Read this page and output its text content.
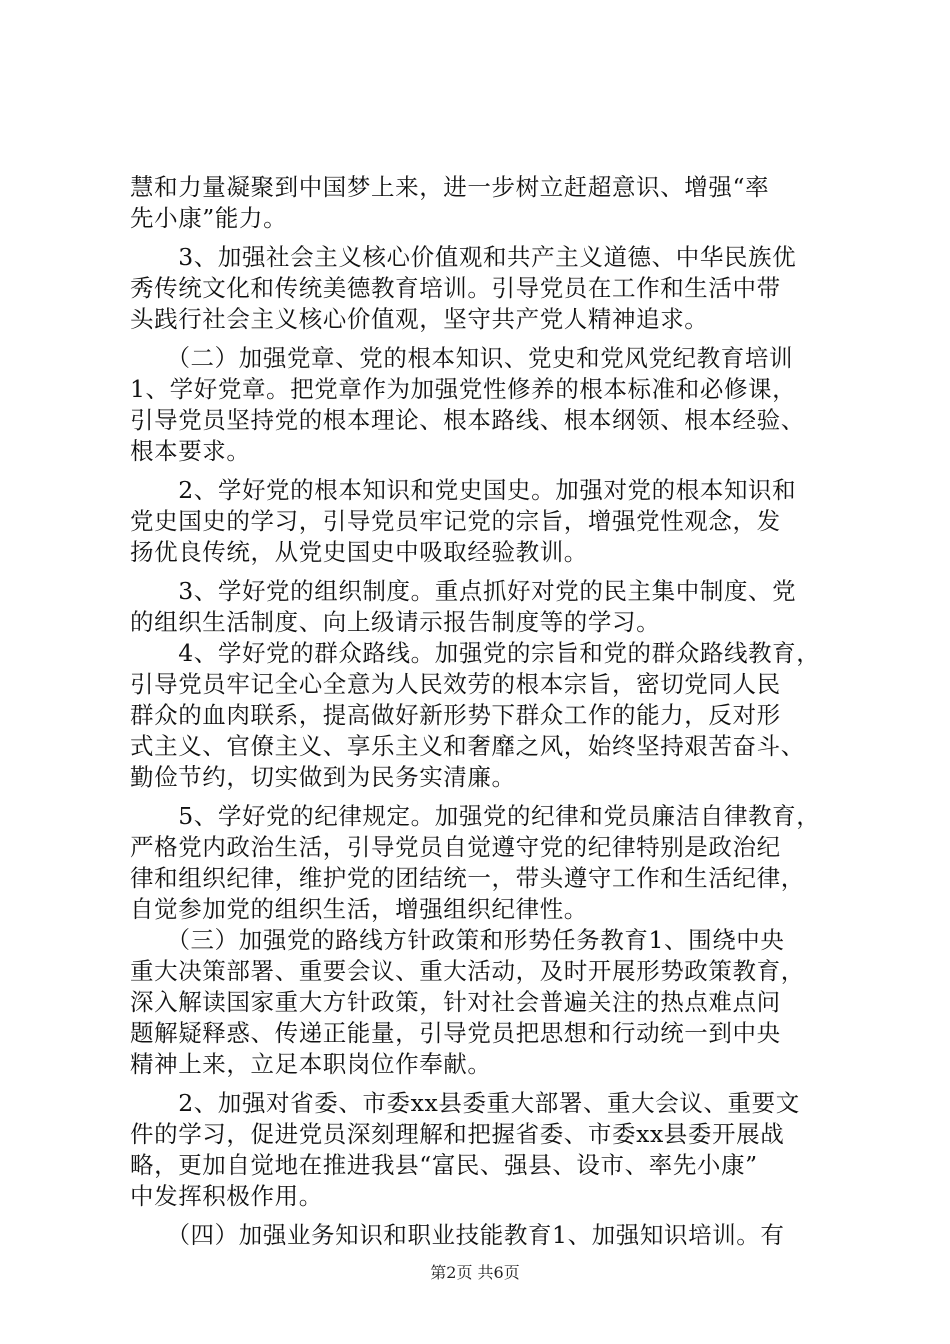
慧和力量凝聚到中国梦上来，进一步树立赶超意识、增强“率
先小康”能力。
　　3、加强社会主义核心价值观和共产主义道德、中华民族优
秀传统文化和传统美德教育培训。引导党员在工作和生活中带
头践行社会主义核心价值观，坚守共产党人精神追求。
　　（二）加强党章、党的根本知识、党史和党风党纪教育培训
1、学好党章。把党章作为加强党性修养的根本标准和必修课，
引导党员坚持党的根本理论、根本路线、根本纲领、根本经验、
根本要求。
　　2、学好党的根本知识和党史国史。加强对党的根本知识和
党史国史的学习，引导党员牢记党的宗旨，增强党性观念，发
扬优良传统，从党史国史中吸取经验教训。
　　3、学好党的组织制度。重点抓好对党的民主集中制度、党
的组织生活制度、向上级请示报告制度等的学习。
　　4、学好党的群众路线。加强党的宗旨和党的群众路线教育，
引导党员牢记全心全意为人民效劳的根本宗旨，密切党同人民
群众的血肉联系，提高做好新形势下群众工作的能力，反对形
式主义、官僚主义、享乐主义和奢靡之风，始终坚持艰苦奋斗、
勤俭节约，切实做到为民务实清廉。
　　5、学好党的纪律规定。加强党的纪律和党员廉洁自律教育，
严格党内政治生活，引导党员自觉遵守党的纪律特别是政治纪
律和组织纪律，维护党的团结统一，带头遵守工作和生活纪律，
自觉参加党的组织生活，增强组织纪律性。
　　（三）加强党的路线方针政策和形势任务教育1、围绕中央
重大决策部署、重要会议、重大活动，及时开展形势政策教育，
深入解读国家重大方针政策，针对社会普遍关注的热点难点问
题解疑释惑、传递正能量，引导党员把思想和行动统一到中央
精神上来，立足本职岗位作奉献。
　　2、加强对省委、市委xx县委重大部署、重大会议、重要文
件的学习，促进党员深刻理解和把握省委、市委xx县委开展战
略，更加自觉地在推进我县“富民、强县、设市、率先小康”
中发挥积极作用。
　　（四）加强业务知识和职业技能教育1、加强知识培训。有
第2页 共6页
